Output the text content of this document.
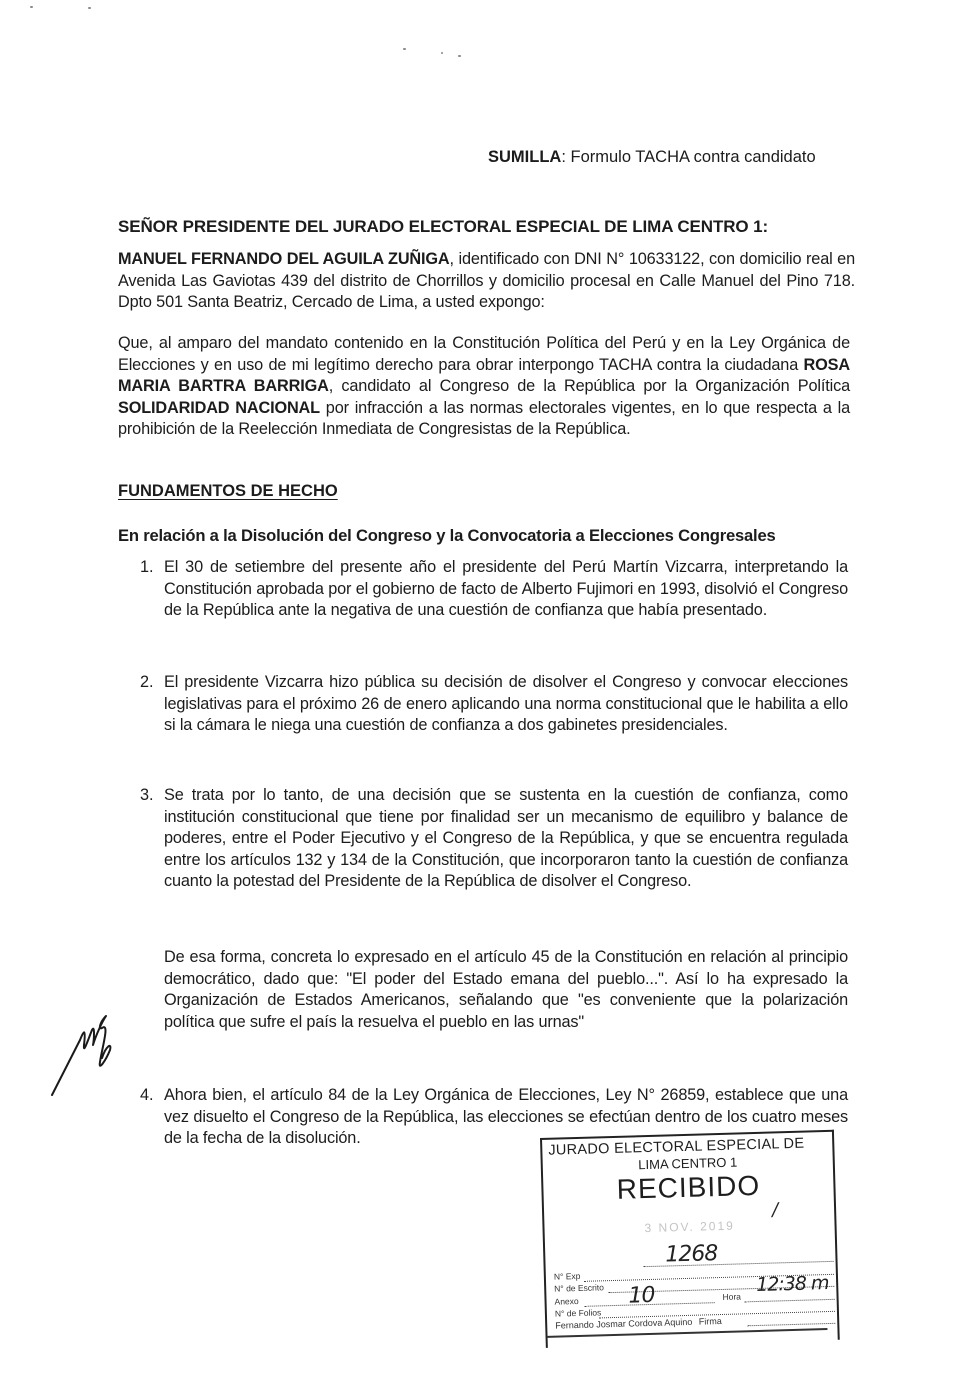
SUMILLA: Formulo TACHA contra candidato
SEÑOR PRESIDENTE DEL JURADO ELECTORAL ESPECIAL DE LIMA CENTRO 1:
MANUEL FERNANDO DEL AGUILA ZUÑIGA, identificado con DNI N° 10633122, con domicilio real en Avenida Las Gaviotas 439 del distrito de Chorrillos y domicilio procesal en Calle Manuel del Pino 718. Dpto 501 Santa Beatriz, Cercado de Lima, a usted expongo:
Que, al amparo del mandato contenido en la Constitución Política del Perú y en la Ley Orgánica de Elecciones y en uso de mi legítimo derecho para obrar interpongo TACHA contra la ciudadana ROSA MARIA BARTRA BARRIGA, candidato al Congreso de la República por la Organización Política SOLIDARIDAD NACIONAL por infracción a las normas electorales vigentes, en lo que respecta a la prohibición de la Reelección Inmediata de Congresistas de la República.
FUNDAMENTOS DE HECHO
En relación a la Disolución del Congreso y la Convocatoria a Elecciones Congresales
1. El 30 de setiembre del presente año el presidente del Perú Martín Vizcarra, interpretando la Constitución aprobada por el gobierno de facto de Alberto Fujimori en 1993, disolvió el Congreso de la República ante la negativa de una cuestión de confianza que había presentado.
2. El presidente Vizcarra hizo pública su decisión de disolver el Congreso y convocar elecciones legislativas para el próximo 26 de enero aplicando una norma constitucional que le habilita a ello si la cámara le niega una cuestión de confianza a dos gabinetes presidenciales.
3. Se trata por lo tanto, de una decisión que se sustenta en la cuestión de confianza, como institución constitucional que tiene por finalidad ser un mecanismo de equilibro y balance de poderes, entre el Poder Ejecutivo y el Congreso de la República, y que se encuentra regulada entre los artículos 132 y 134 de la Constitución, que incorporaron tanto la cuestión de confianza cuanto la potestad del Presidente de la República de disolver el Congreso.
De esa forma, concreta lo expresado en el artículo 45 de la Constitución en relación al principio democrático, dado que: "El poder del Estado emana del pueblo...". Así lo ha expresado la Organización de Estados Americanos, señalando que "es conveniente que la polarización política que sufre el país la resuelva el pueblo en las urnas"
4. Ahora bien, el artículo 84 de la Ley Orgánica de Elecciones, Ley N° 26859, establece que una vez disuelto el Congreso de la República, las elecciones se efectúan dentro de los cuatro meses de la fecha de la disolución.	JURADO ELECTORAL ESPECIAL DE
LIMA CENTRO 1
RECIBIDO
3 NOV. 2019
/
1268
N° Exp
N° de Escrito
Anexo	Hora
10	12:38 m
N° de Folios
Fernando Josmar Cordova Aquino Firma
